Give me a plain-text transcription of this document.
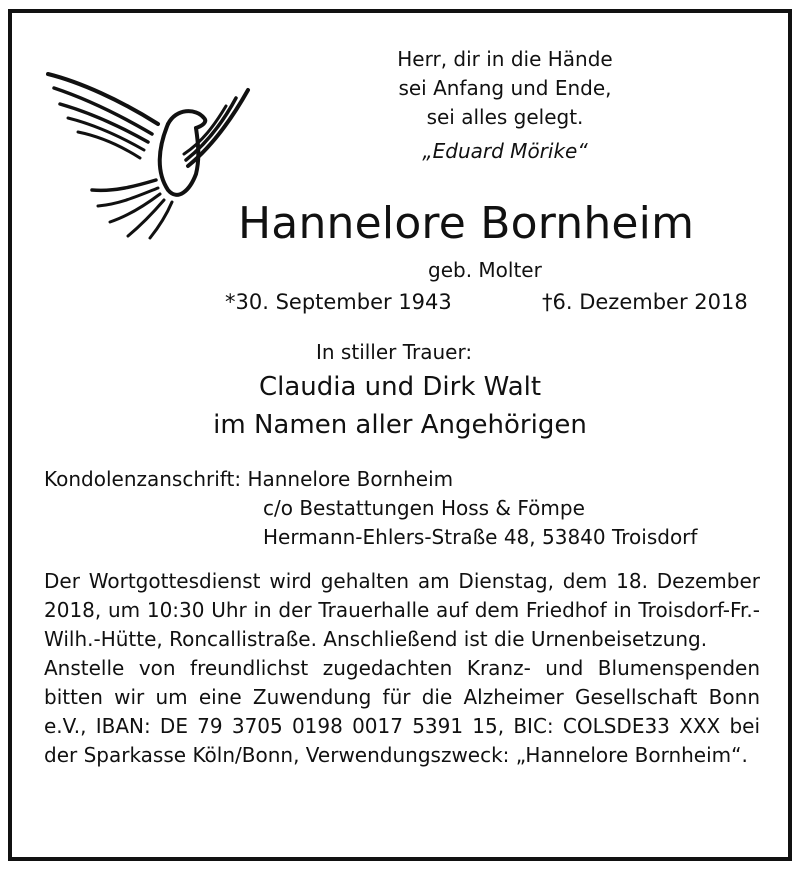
Herr, dir in die Hände
sei Anfang und Ende,
sei alles gelegt.
„Eduard Mörike“
Hannelore Bornheim
geb. Molter
*30. September 1943	†6. Dezember 2018
In stiller Trauer:
Claudia und Dirk Walt
im Namen aller Angehörigen
Kondolenzanschrift: Hannelore Bornheim
c/o Bestattungen Hoss & Fömpe
Hermann-Ehlers-Straße 48, 53840 Troisdorf
Der Wortgottesdienst wird gehalten am Dienstag, dem 18. Dezember 2018, um 10:30 Uhr in der Trauerhalle auf dem Friedhof in Troisdorf-Fr.-Wilh.-Hütte, Roncallistraße. Anschließend ist die Urnenbeisetzung.
Anstelle von freundlichst zugedachten Kranz- und Blumenspenden bitten wir um eine Zuwendung für die Alzheimer Gesellschaft Bonn e.V., IBAN: DE 79 3705 0198 0017 5391 15, BIC: COLSDE33 XXX bei der Sparkasse Köln/Bonn, Verwendungszweck: „Hannelore Bornheim“.
